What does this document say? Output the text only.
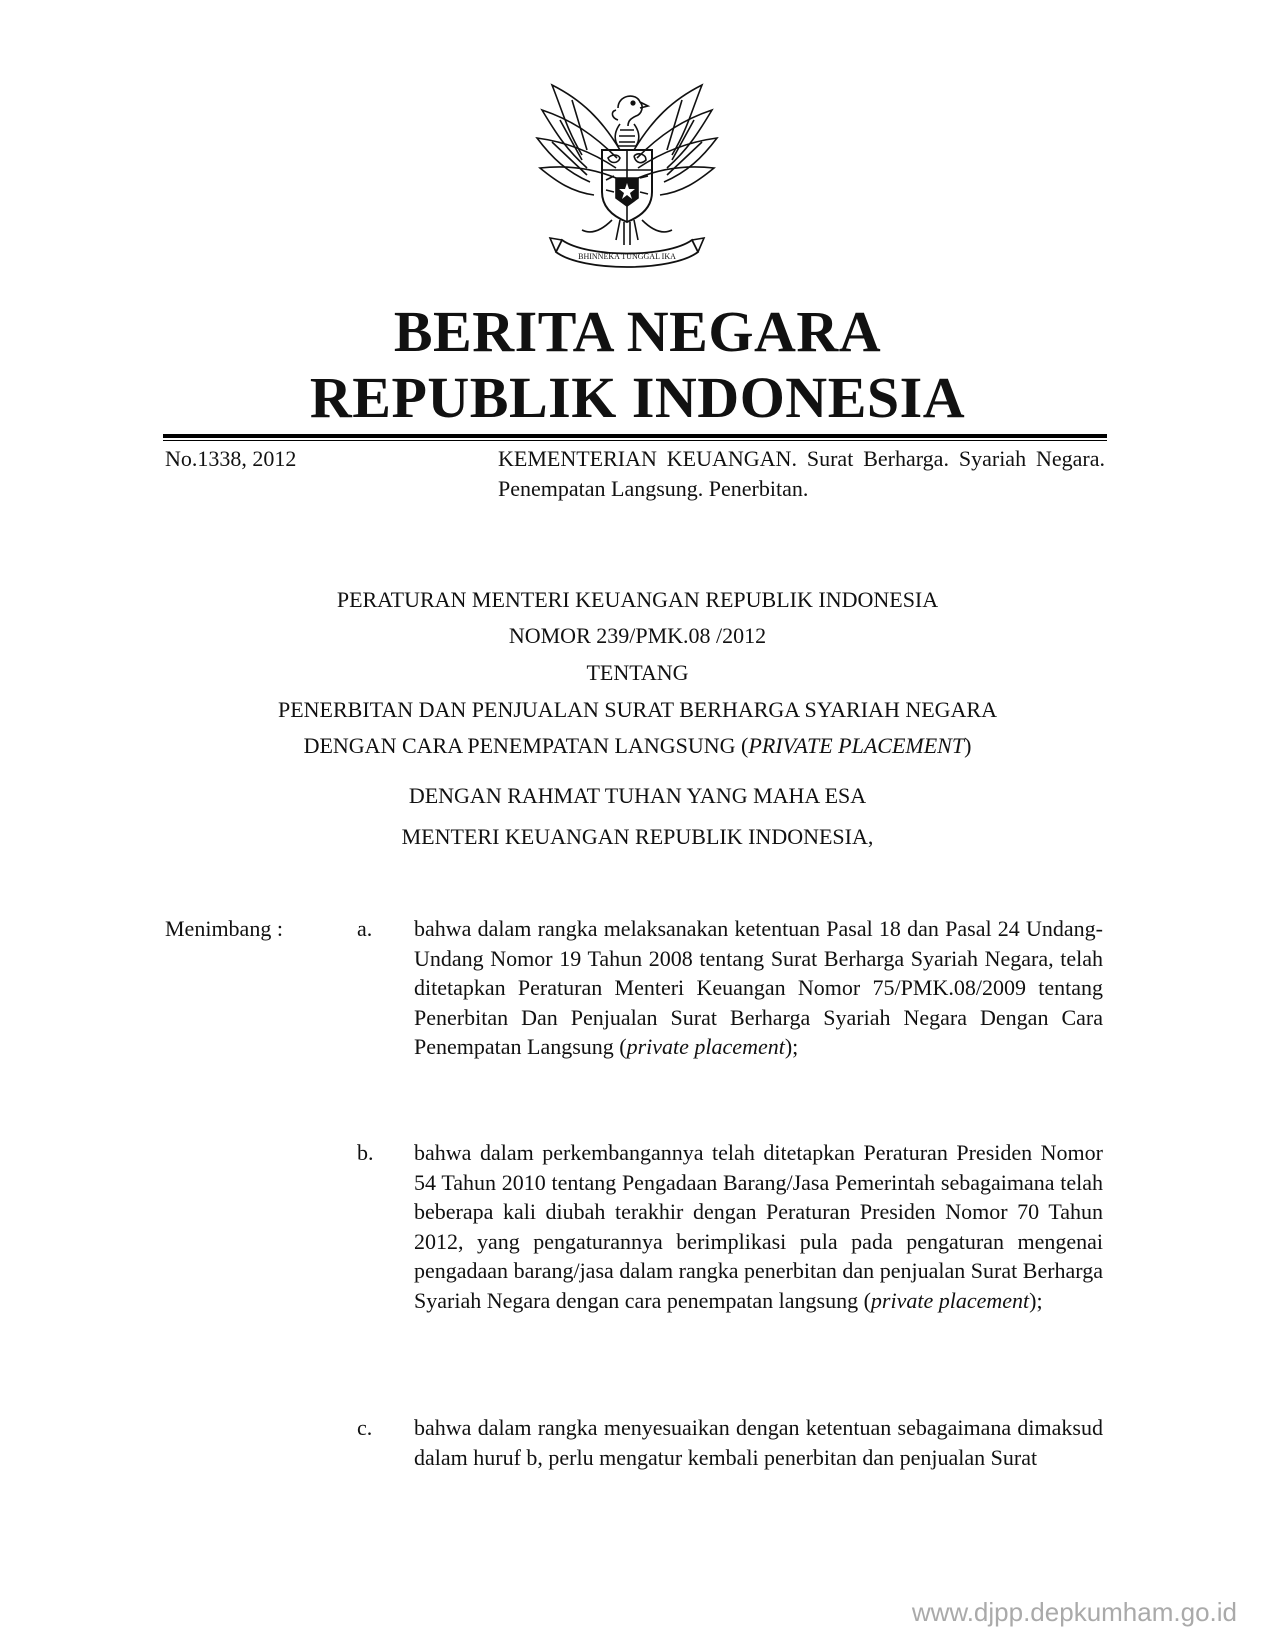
BHINNEKA TUNGGAL IKA
BERITA NEGARA
REPUBLIK INDONESIA
No.1338, 2012	KEMENTERIAN KEUANGAN. Surat Berharga. Syariah Negara. Penempatan Langsung. Penerbitan.
PERATURAN MENTERI KEUANGAN REPUBLIK INDONESIA
NOMOR 239/PMK.08 /2012
TENTANG
PENERBITAN DAN PENJUALAN SURAT BERHARGA SYARIAH NEGARA
DENGAN CARA PENEMPATAN LANGSUNG (PRIVATE PLACEMENT)
DENGAN RAHMAT TUHAN YANG MAHA ESA
MENTERI KEUANGAN REPUBLIK INDONESIA,
Menimbang :	a. bahwa dalam rangka melaksanakan ketentuan Pasal 18 dan Pasal 24 Undang-Undang Nomor 19 Tahun 2008 tentang Surat Berharga Syariah Negara, telah ditetapkan Peraturan Menteri Keuangan Nomor 75/PMK.08/2009 tentang Penerbitan Dan Penjualan Surat Berharga Syariah Negara Dengan Cara Penempatan Langsung (private placement);
b. bahwa dalam perkembangannya telah ditetapkan Peraturan Presiden Nomor 54 Tahun 2010 tentang Pengadaan Barang/Jasa Pemerintah sebagaimana telah beberapa kali diubah terakhir dengan Peraturan Presiden Nomor 70 Tahun 2012, yang pengaturannya berimplikasi pula pada pengaturan mengenai pengadaan barang/jasa dalam rangka penerbitan dan penjualan Surat Berharga Syariah Negara dengan cara penempatan langsung (private placement);
c. bahwa dalam rangka menyesuaikan dengan ketentuan sebagaimana dimaksud dalam huruf b, perlu mengatur kembali penerbitan dan penjualan Surat
www.djpp.depkumham.go.id
